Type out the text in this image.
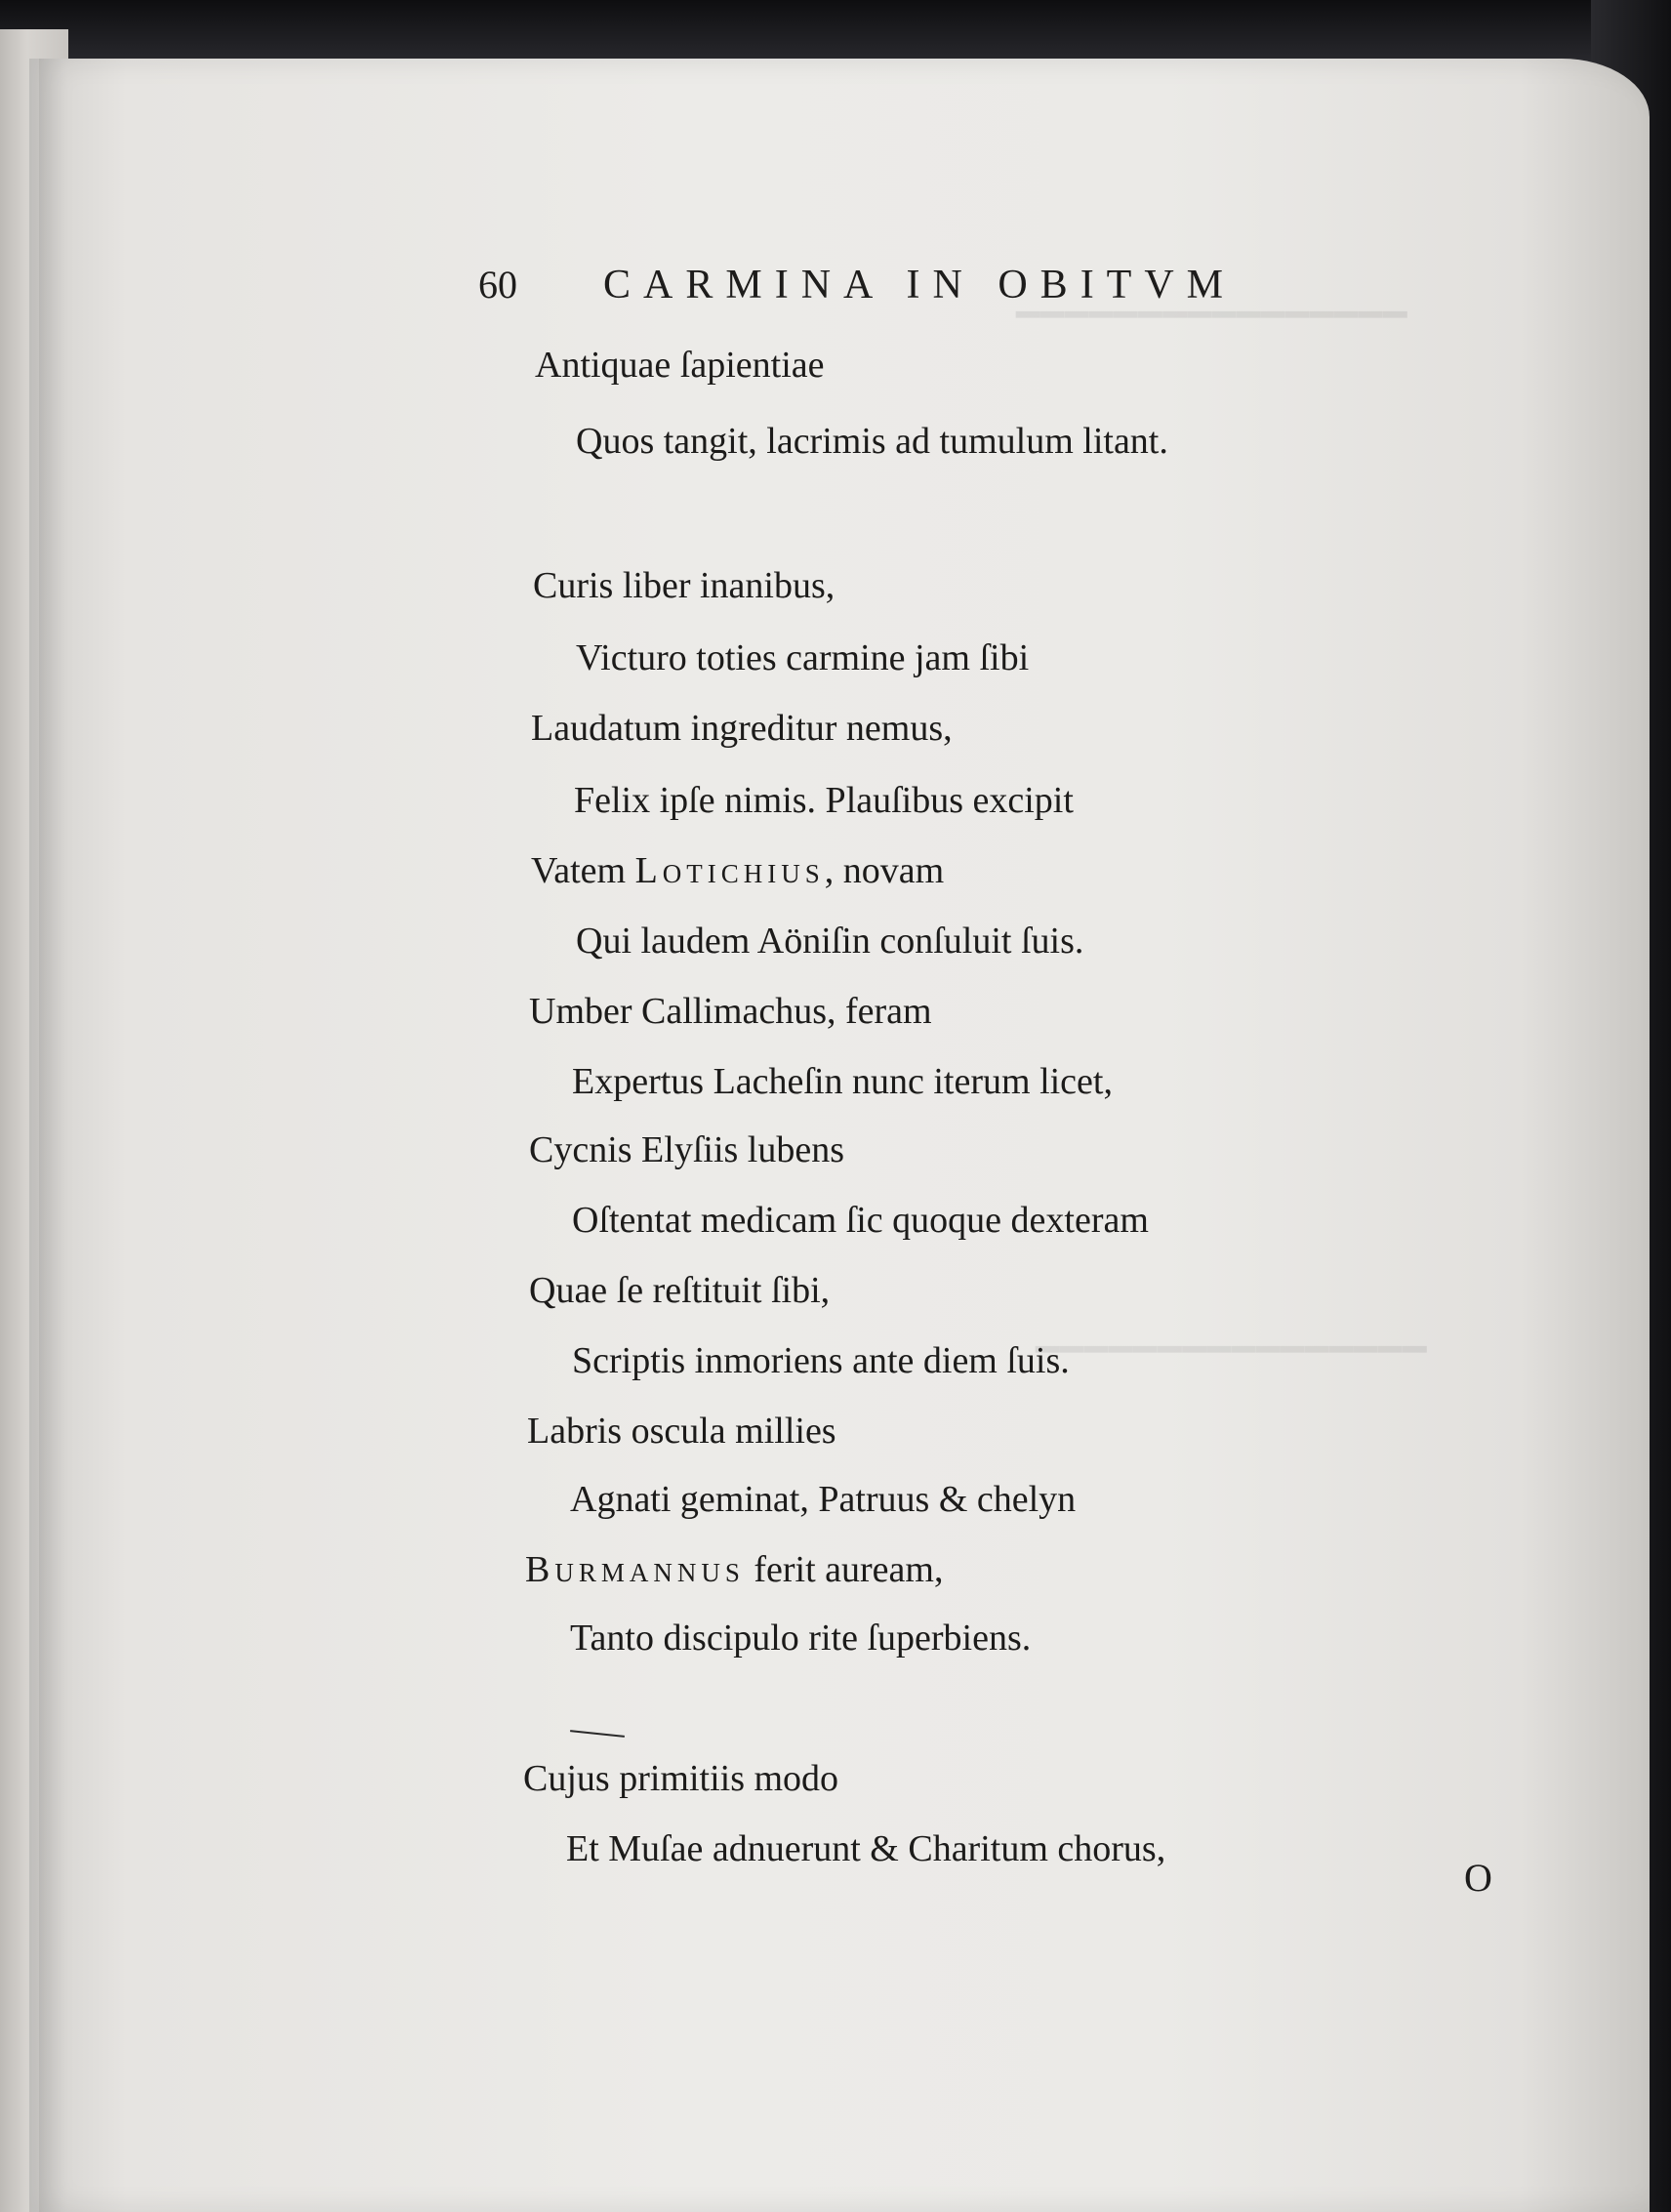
━━━━━━━━━━━━━━━━
━━━━━━━━━━━━━━━━
60 CARMINA IN OBITVM
Antiquae ſapientiae
Quos tangit, lacrimis ad tumulum litant.
Curis liber inanibus,
Victuro toties carmine jam ſibi
Laudatum ingreditur nemus,
Felix ipſe nimis. Plauſibus excipit
Vatem Lotichius, novam
Qui laudem Aöniſin conſuluit ſuis.
Umber Callimachus, feram
Expertus Lacheſin nunc iterum licet,
Cycnis Elyſiis lubens
Oſtentat medicam ſic quoque dexteram
Quae ſe reſtituit ſibi,
Scriptis inmoriens ante diem ſuis.
Labris oscula millies
Agnati geminat, Patruus & chelyn
Burmannus ferit auream,
Tanto discipulo rite ſuperbiens.
Cujus primitiis modo
Et Muſae adnuerunt & Charitum chorus,
O
